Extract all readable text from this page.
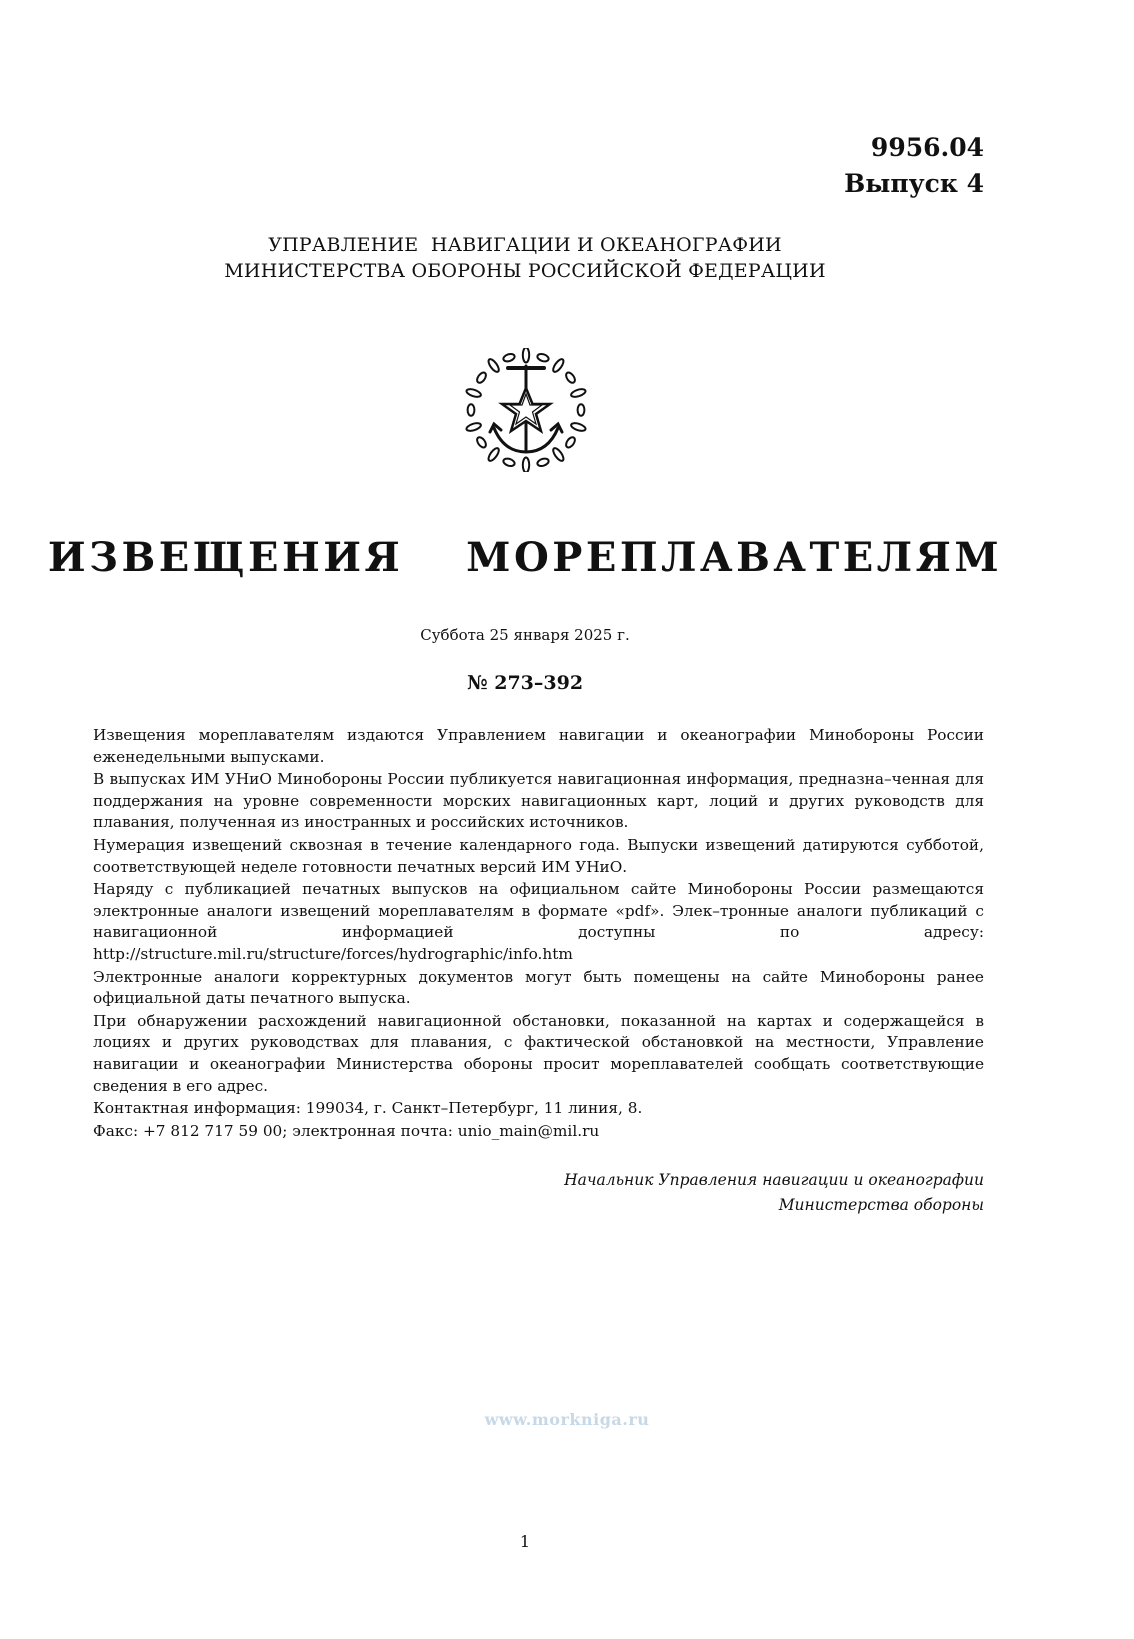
9956.04
Выпуск 4
УПРАВЛЕНИЕ  НАВИГАЦИИ И ОКЕАНОГРАФИИ
МИНИСТЕРСТВА ОБОРОНЫ РОССИЙСКОЙ ФЕДЕРАЦИИ
ИЗВЕЩЕНИЯ  МОРЕПЛАВАТЕЛЯМ
Суббота 25 января 2025 г.
№ 273–392

Извещения мореплавателям издаются Управлением навигации и океанографии Минобороны России еженедельными выпусками.

В выпусках ИМ УНиО Минобороны России публикуется навигационная информация, предназна–ченная для поддержания на уровне современности морских навигационных карт, лоций и других руководств для плавания, полученная из иностранных и российских источников.

Нумерация извещений сквозная в течение календарного года. Выпуски извещений датируются субботой, соответствующей неделе готовности печатных версий ИМ УНиО.

Наряду с публикацией печатных выпусков на официальном сайте Минобороны России размещаются электронные аналоги извещений мореплавателям в формате «pdf». Элек–тронные аналоги публикаций с навигационной информацией доступны по адресу: http://structure.mil.ru/structure/forces/hydrographic/info.htm

Электронные аналоги корректурных документов могут быть помещены на сайте Минобороны ранее официальной даты печатного выпуска.

При обнаружении расхождений навигационной обстановки, показанной на картах и содержащейся в лоциях и других руководствах для плавания, с фактической обстановкой на местности, Управление навигации и океанографии Министерства обороны просит мореплавателей сообщать соответствующие сведения в его адрес.

Контактная информация: 199034, г. Санкт–Петербург, 11 линия, 8.

Факс: +7 812 717 59 00; электронная почта: unio_main@mil.ru

Начальник Управления навигации и океанографии
Министерства обороны
www.morkniga.ru
1
